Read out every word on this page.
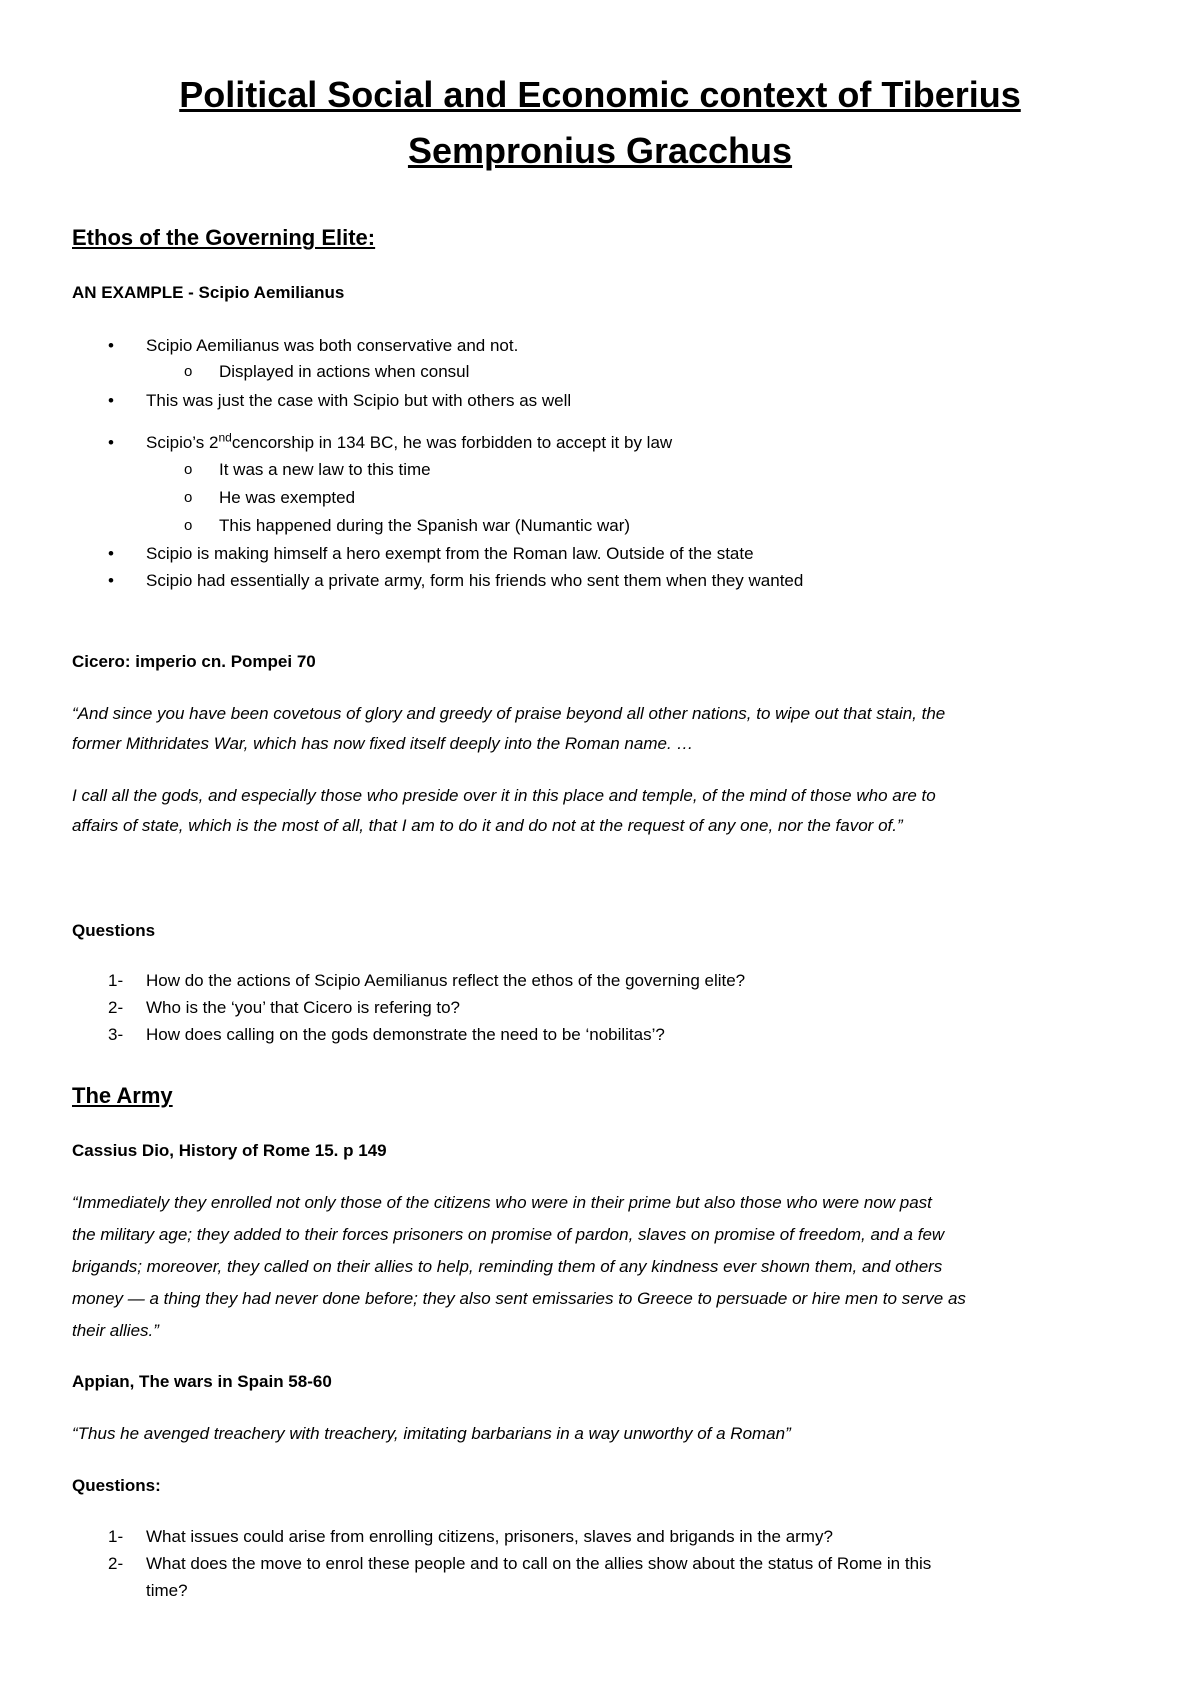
Political Social and Economic context of Tiberius
Sempronius Gracchus
Ethos of the Governing Elite:
AN EXAMPLE - Scipio Aemilianus
• Scipio Aemilianus was both conservative and not.
o Displayed in actions when consul
• This was just the case with Scipio but with others as well
• Scipio’s 2ndcencorship in 134 BC, he was forbidden to accept it by law
o It was a new law to this time
o He was exempted
o This happened during the Spanish war (Numantic war)
• Scipio is making himself a hero exempt from the Roman law. Outside of the state
• Scipio had essentially a private army, form his friends who sent them when they wanted
Cicero: imperio cn. Pompei 70
“And since you have been covetous of glory and greedy of praise beyond all other nations, to wipe out that stain, the
former Mithridates War, which has now fixed itself deeply into the Roman name. …
I call all the gods, and especially those who preside over it in this place and temple, of the mind of those who are to
affairs of state, which is the most of all, that I am to do it and do not at the request of any one, nor the favor of.”
Questions
1- How do the actions of Scipio Aemilianus reflect the ethos of the governing elite?
2- Who is the ‘you’ that Cicero is refering to?
3- How does calling on the gods demonstrate the need to be ‘nobilitas’?
The Army
Cassius Dio, History of Rome 15. p 149
“Immediately they enrolled not only those of the citizens who were in their prime but also those who were now past
the military age; they added to their forces prisoners on promise of pardon, slaves on promise of freedom, and a few
brigands; moreover, they called on their allies to help, reminding them of any kindness ever shown them, and others
money — a thing they had never done before; they also sent emissaries to Greece to persuade or hire men to serve as
their allies.”
Appian, The wars in Spain 58-60
“Thus he avenged treachery with treachery, imitating barbarians in a way unworthy of a Roman”
Questions:
1- What issues could arise from enrolling citizens, prisoners, slaves and brigands in the army?
2- What does the move to enrol these people and to call on the allies show about the status of Rome in this
time?
